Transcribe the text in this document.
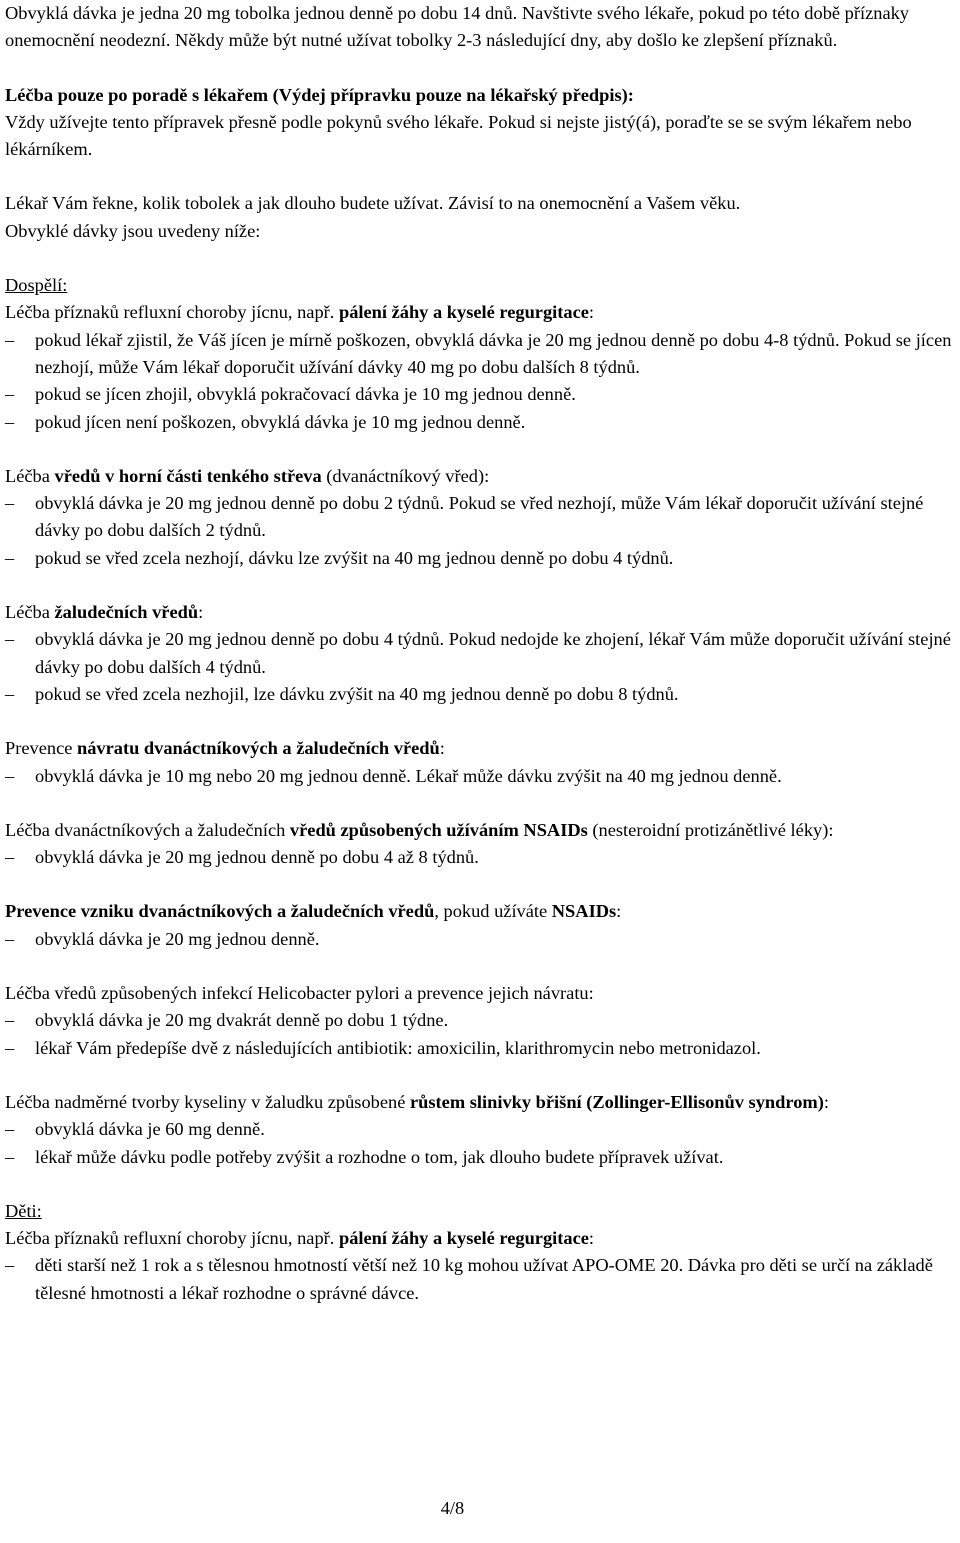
Obvyklá dávka je jedna 20 mg tobolka jednou denně po dobu 14 dnů. Navštivte svého lékaře, pokud po této době příznaky onemocnění neodezní. Někdy může být nutné užívat tobolky 2-3 následující dny, aby došlo ke zlepšení příznaků.

Léčba pouze po poradě s lékařem (Výdej přípravku pouze na lékařský předpis):
Vždy užívejte tento přípravek přesně podle pokynů svého lékaře. Pokud si nejste jistý(á), poraďte se se svým lékařem nebo lékárníkem.

Lékař Vám řekne, kolik tobolek a jak dlouho budete užívat. Závisí to na onemocnění a Vašem věku.
Obvyklé dávky jsou uvedeny níže:

Dospělí:

Léčba příznaků refluxní choroby jícnu, např. pálení žáhy a kyselé regurgitace:

– pokud lékař zjistil, že Váš jícen je mírně poškozen, obvyklá dávka je 20 mg jednou denně po dobu 4-8 týdnů. Pokud se jícen nezhojí, může Vám lékař doporučit užívání dávky 40 mg po dobu dalších 8 týdnů.
– pokud se jícen zhojil, obvyklá pokračovací dávka je 10 mg jednou denně.
– pokud jícen není poškozen, obvyklá dávka je 10 mg jednou denně.

Léčba vředů v horní části tenkého střeva (dvanáctníkový vřed):

– obvyklá dávka je 20 mg jednou denně po dobu 2 týdnů. Pokud se vřed nezhojí, může Vám lékař doporučit užívání stejné dávky po dobu dalších 2 týdnů.
– pokud se vřed zcela nezhojí, dávku lze zvýšit na 40 mg jednou denně po dobu 4 týdnů.

Léčba žaludečních vředů:

– obvyklá dávka je 20 mg jednou denně po dobu 4 týdnů. Pokud nedojde ke zhojení, lékař Vám může doporučit užívání stejné dávky po dobu dalších 4 týdnů.
– pokud se vřed zcela nezhojil, lze dávku zvýšit na 40 mg jednou denně po dobu 8 týdnů.

Prevence návratu dvanáctníkových a žaludečních vředů:

– obvyklá dávka je 10 mg nebo 20 mg jednou denně. Lékař může dávku zvýšit na 40 mg jednou denně.

Léčba dvanáctníkových a žaludečních vředů způsobených užíváním NSAIDs (nesteroidní protizánětlivé léky):

– obvyklá dávka je 20 mg jednou denně po dobu 4 až 8 týdnů.

Prevence vzniku dvanáctníkových a žaludečních vředů, pokud užíváte NSAIDs:

– obvyklá dávka je 20 mg jednou denně.

Léčba vředů způsobených infekcí Helicobacter pylori a prevence jejich návratu:

– obvyklá dávka je 20 mg dvakrát denně po dobu 1 týdne.
– lékař Vám předepíše dvě z následujících antibiotik: amoxicilin, klarithromycin nebo metronidazol.

Léčba nadměrné tvorby kyseliny v žaludku způsobené růstem slinivky břišní (Zollinger-Ellisonův syndrom):

– obvyklá dávka je 60 mg denně.
– lékař může dávku podle potřeby zvýšit a rozhodne o tom, jak dlouho budete přípravek užívat.

Děti:

Léčba příznaků refluxní choroby jícnu, např. pálení žáhy a kyselé regurgitace:

– děti starší než 1 rok a s tělesnou hmotností větší než 10 kg mohou užívat APO-OME 20. Dávka pro děti se určí na základě tělesné hmotnosti a lékař rozhodne o správné dávce.
4/8
